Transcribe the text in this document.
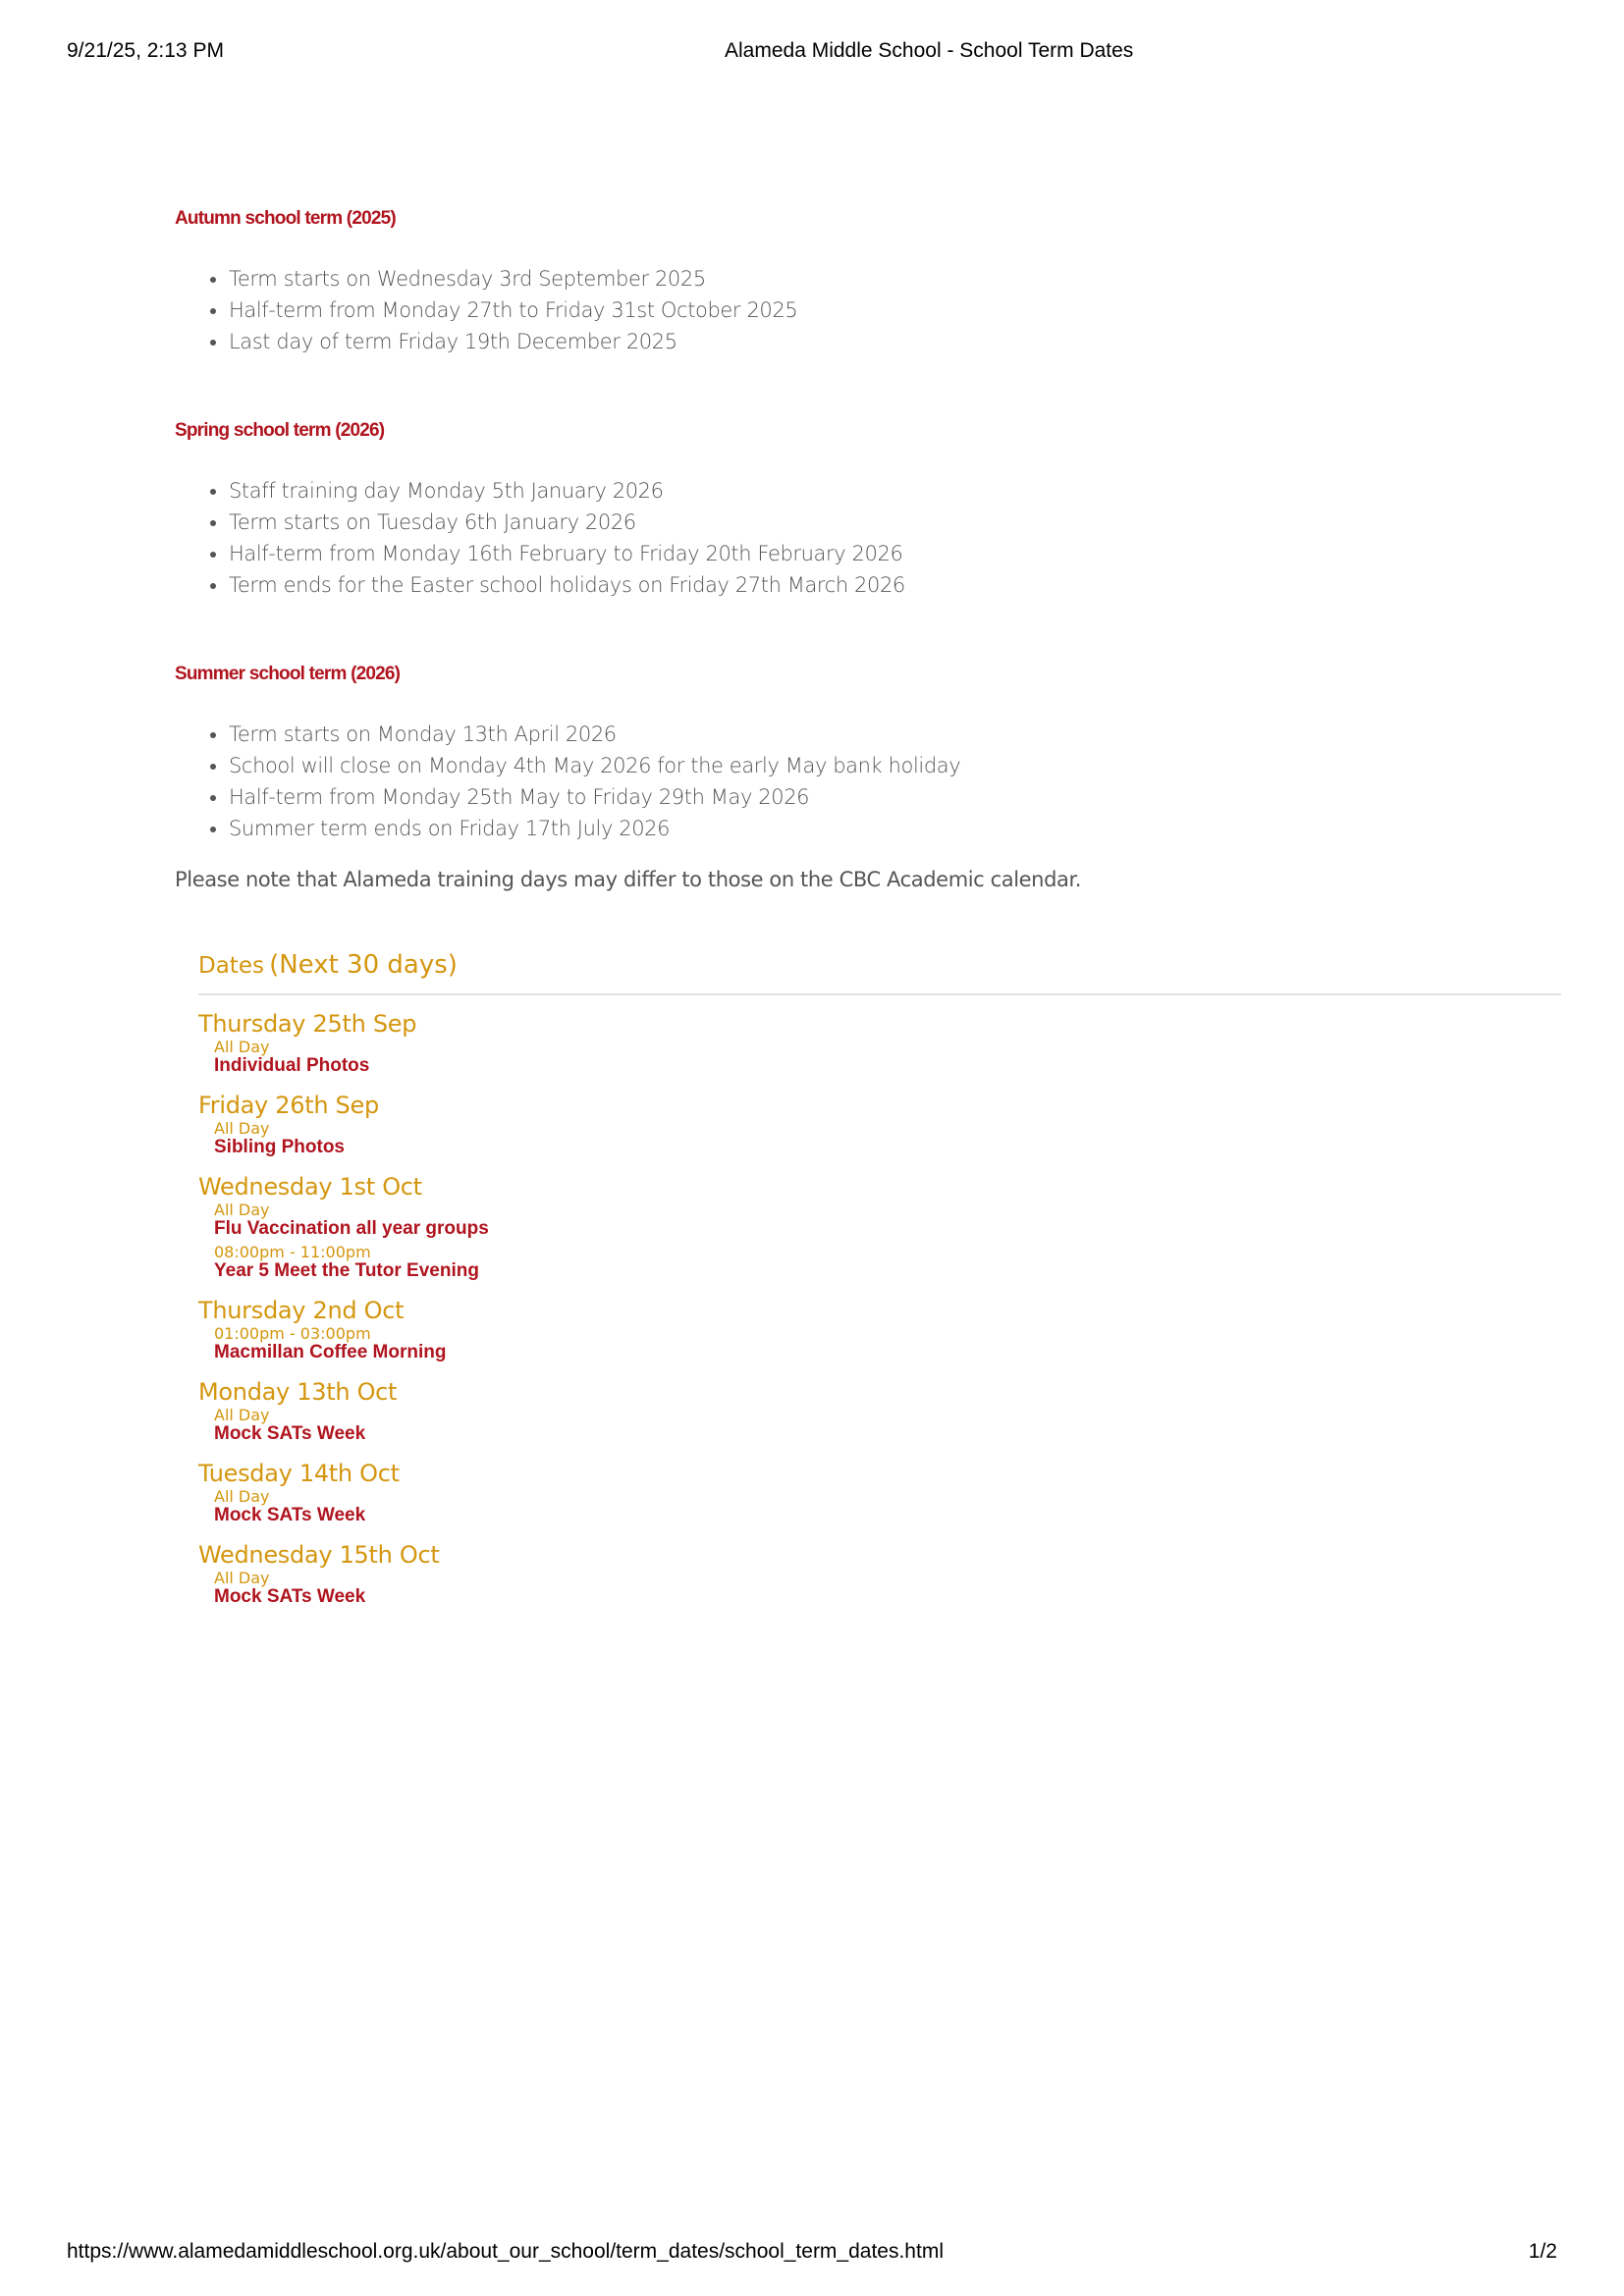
9/21/25, 2:13 PM	Alameda Middle School - School Term Dates
Autumn school term (2025)
• Term starts on Wednesday 3rd September 2025
• Half-term from Monday 27th to Friday 31st October 2025
• Last day of term Friday 19th December 2025
Spring school term (2026)
• Staff training day Monday 5th January 2026
• Term starts on Tuesday 6th January 2026
• Half-term from Monday 16th February to Friday 20th February 2026
• Term ends for the Easter school holidays on Friday 27th March 2026
Summer school term (2026)
• Term starts on Monday 13th April 2026
• School will close on Monday 4th May 2026 for the early May bank holiday
• Half-term from Monday 25th May to Friday 29th May 2026
• Summer term ends on Friday 17th July 2026

Please note that Alameda training days may differ to those on the CBC Academic calendar.

Dates (Next 30 days)
Thursday 25th Sep
All Day
Individual Photos
Friday 26th Sep
All Day
Sibling Photos
Wednesday 1st Oct
All Day
Flu Vaccination all year groups
08:00pm - 11:00pm
Year 5 Meet the Tutor Evening
Thursday 2nd Oct
01:00pm - 03:00pm
Macmillan Coffee Morning
Monday 13th Oct
All Day
Mock SATs Week
Tuesday 14th Oct
All Day
Mock SATs Week
Wednesday 15th Oct
All Day
Mock SATs Week
https://www.alamedamiddleschool.org.uk/about_our_school/term_dates/school_term_dates.html	1/2
